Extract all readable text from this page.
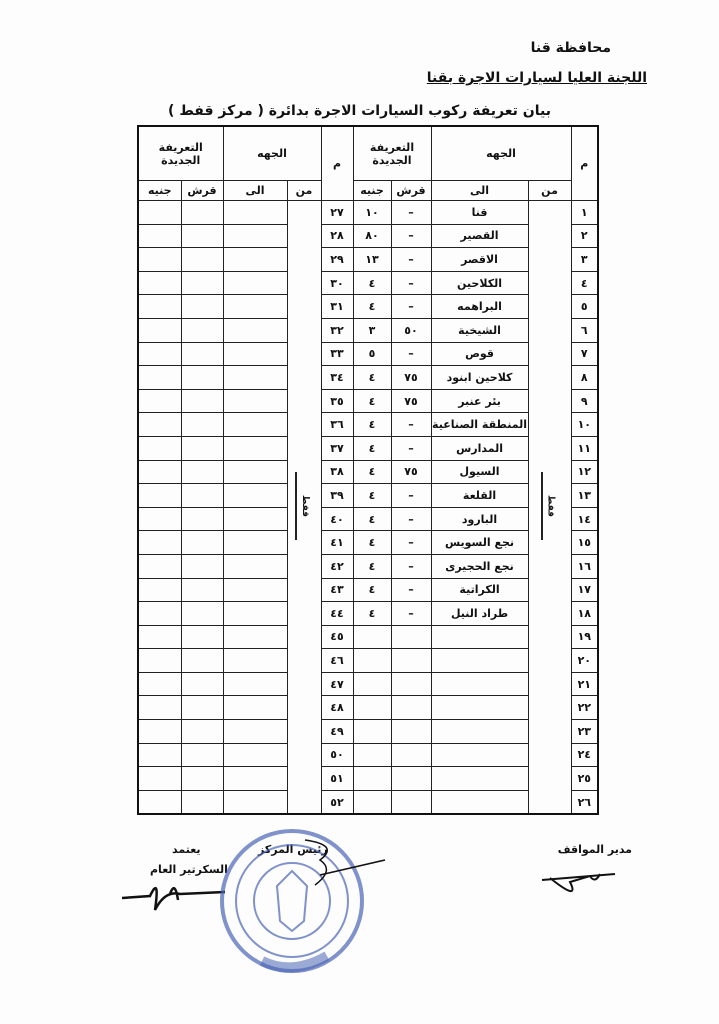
محافظة قنا
اللجنة العليا لسيارات الاجرة بقنا
بيان تعريفة ركوب السيارات الاجرة بدائرة ( مركز قفط )
م	الجهه		التعريفة الجديدة		م	الجهه		التعريفة الجديدة	
	من	الى	قرش	جنيه		من	الى	قرش	جنيه
١	قفط	قنا	–	١٠	٢٧	قفط			
٢		القصير	–	٨٠	٢٨				
٣		الاقصر	–	١٣	٢٩				
٤		الكلاحين	–	٤	٣٠				
٥		البراهمه	–	٤	٣١				
٦		الشيخية	٥٠	٣	٣٢				
٧		قوص	–	٥	٣٣				
٨		كلاحين ابنود	٧٥	٤	٣٤				
٩		بئر عنبر	٧٥	٤	٣٥				
١٠		المنطقة الصناعية	–	٤	٣٦				
١١		المدارس	–	٤	٣٧				
١٢		السيول	٧٥	٤	٣٨				
١٣		القلعة	–	٤	٣٩				
١٤		البارود	–	٤	٤٠				
١٥		نجع السويس	–	٤	٤١				
١٦		نجع الحجيرى	–	٤	٤٢				
١٧		الكراتية	–	٤	٤٣				
١٨		طراد النيل	–	٤	٤٤				
١٩					٤٥				
٢٠					٤٦				
٢١					٤٧				
٢٢					٤٨				
٢٣					٤٩				
٢٤					٥٠				
٢٥					٥١				
٢٦					٥٢				
مدير المواقف
رئيس المركز
يعتمد
السكرتير العام
